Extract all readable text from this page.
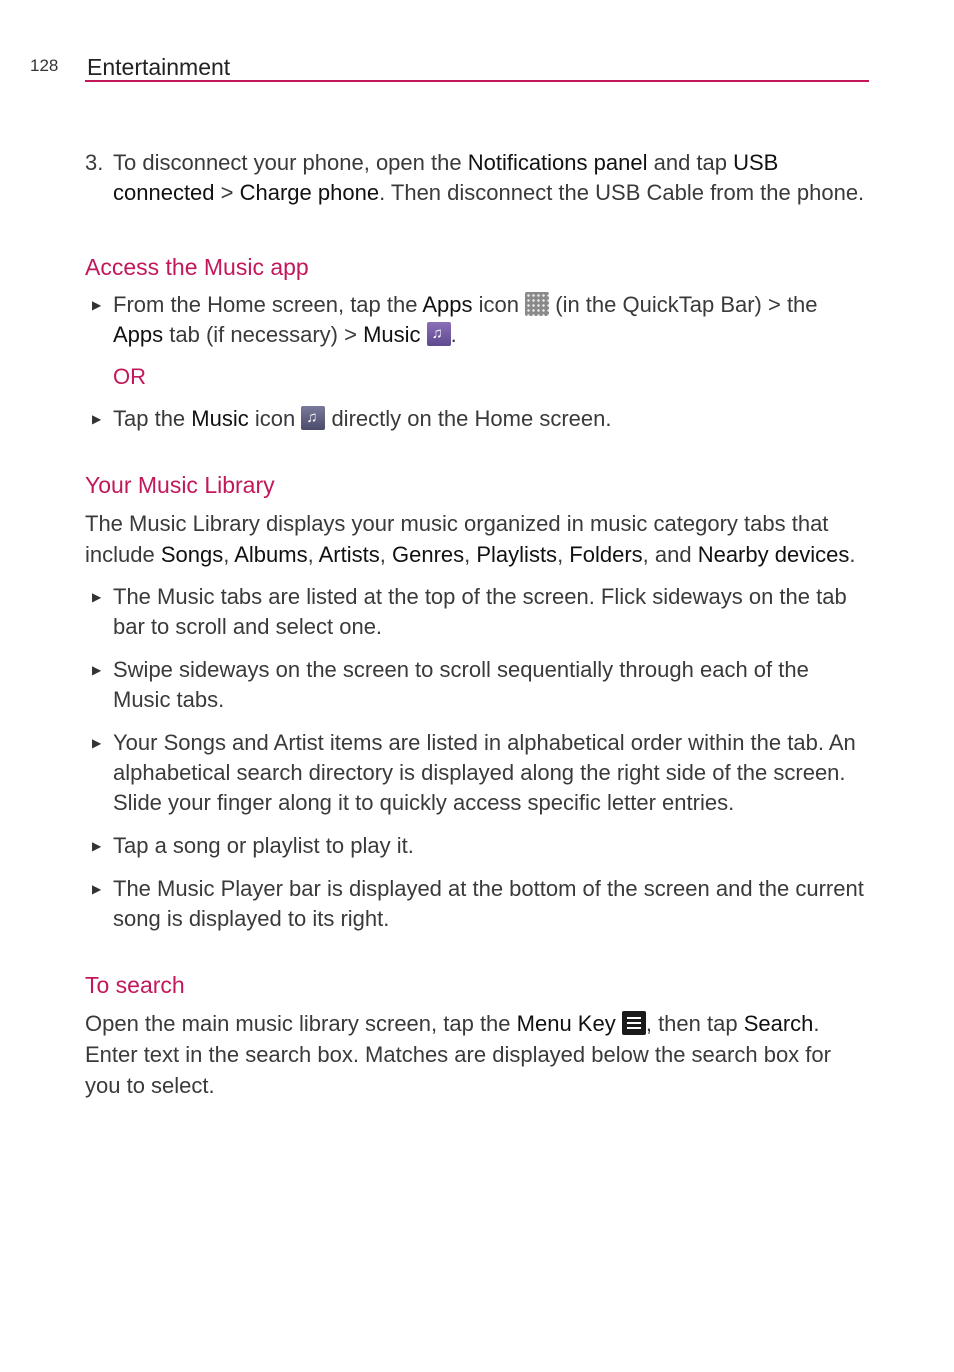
128 Entertainment
3. To disconnect your phone, open the Notifications panel and tap USB connected > Charge phone. Then disconnect the USB Cable from the phone.
Access the Music app
▶ From the Home screen, tap the Apps icon  (in the QuickTap Bar) > the Apps tab (if necessary) > Music ♫ .
OR
▶ Tap the Music icon ♫ directly on the Home screen.
Your Music Library
The Music Library displays your music organized in music category tabs that include Songs, Albums, Artists, Genres, Playlists, Folders, and Nearby devices.
▶ The Music tabs are listed at the top of the screen. Flick sideways on the tab bar to scroll and select one.
▶ Swipe sideways on the screen to scroll sequentially through each of the Music tabs.
▶ Your Songs and Artist items are listed in alphabetical order within the tab. An alphabetical search directory is displayed along the right side of the screen. Slide your finger along it to quickly access specific letter entries.
▶ Tap a song or playlist to play it.
▶ The Music Player bar is displayed at the bottom of the screen and the current song is displayed to its right.
To search
Open the main music library screen, tap the Menu Key , then tap Search. Enter text in the search box. Matches are displayed below the search box for you to select.
